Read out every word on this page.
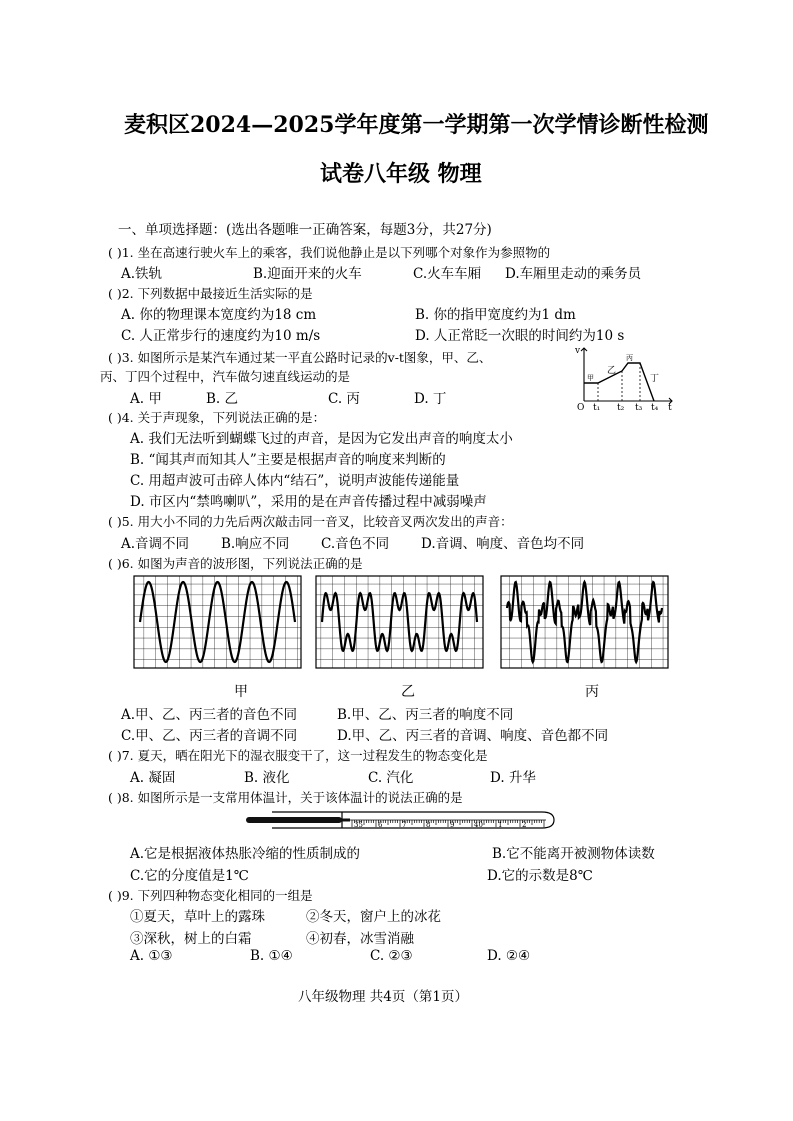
麦积区2024—2025学年度第一学期第一次学情诊断性检测
试卷八年级 物理
一、单项选择题：(选出各题唯一正确答案，每题3分，共27分)
( )1. 坐在高速行驶火车上的乘客，我们说他静止是以下列哪个对象作为参照物的
A.铁轨	B.迎面开来的火车	C.火车车厢 D.车厢里走动的乘务员
( )2. 下列数据中最接近生活实际的是
A. 你的物理课本宽度约为18 cm	B. 你的指甲宽度约为1 dm
C. 人正常步行的速度约为10 m/s	D. 人正常眨一次眼的时间约为10 s
( )3. 如图所示是某汽车通过某一平直公路时记录的v-t图象，甲、乙、
丙、丁四个过程中，汽车做匀速直线运动的是
A. 甲	B. 乙	C. 丙	D. 丁
v
O	t
t₁ t₂ t₃ t₄
甲
乙
丙
丁
( )4. 关于声现象，下列说法正确的是：
A. 我们无法听到蝴蝶飞过的声音，是因为它发出声音的响度太小
B. “闻其声而知其人”主要是根据声音的响度来判断的
C. 用超声波可击碎人体内“结石”，说明声波能传递能量
D. 市区内“禁鸣喇叭”，采用的是在声音传播过程中减弱噪声
( )5. 用大小不同的力先后两次敲击同一音叉，比较音叉两次发出的声音：
A.音调不同 B.响应不同 C.音色不同 D.音调、响度、音色均不同
( )6. 如图为声音的波形图，下列说法正确的是
甲	乙	丙
A.甲、乙、丙三者的音色不同	B.甲、乙、丙三者的响度不同
C.甲、乙、丙三者的音调不同	D.甲、乙、丙三者的音调、响度、音色都不同
( )7. 夏天，晒在阳光下的湿衣服变干了，这一过程发生的物态变化是
A. 凝固	B. 液化	C. 汽化	D. 升华
( )8. 如图所示是一支常用体温计，关于该体温计的说法正确的是
35 6	7	8	9	40 1	2
A.它是根据液体热胀冷缩的性质制成的	B.它不能离开被测物体读数
C.它的分度值是1℃	D.它的示数是8℃
( )9. 下列四种物态变化相同的一组是
①夏天，草叶上的露珠	②冬天，窗户上的冰花
③深秋，树上的白霜	④初春，冰雪消融
A. ①③	B. ①④	C. ②③	D. ②④
八年级物理 共4页（第1页）
